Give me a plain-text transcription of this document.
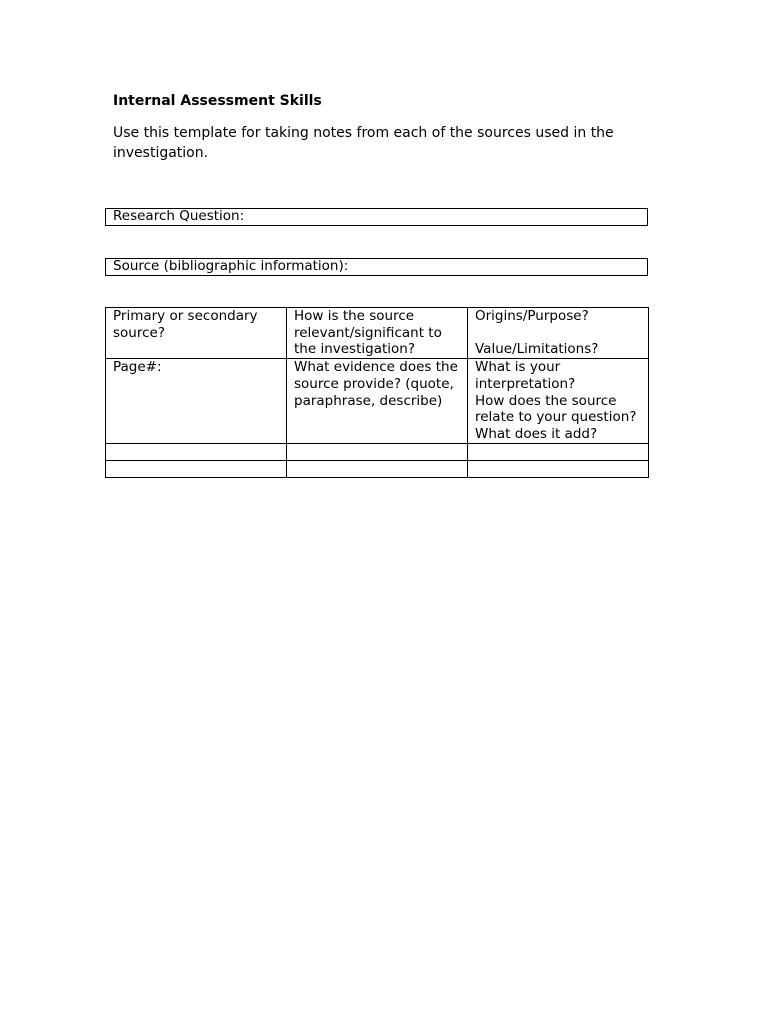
Internal Assessment Skills
Use this template for taking notes from each of the sources used in the investigation.
Research Question:
Source (bibliographic information):
Primary or secondary source?	How is the source relevant/significant to the investigation?	Origins/Purpose?
Value/Limitations?

Page#:	What evidence does the source provide? (quote, paraphrase, describe)	What is your interpretation?
How does the source relate to your question?
What does it add?
